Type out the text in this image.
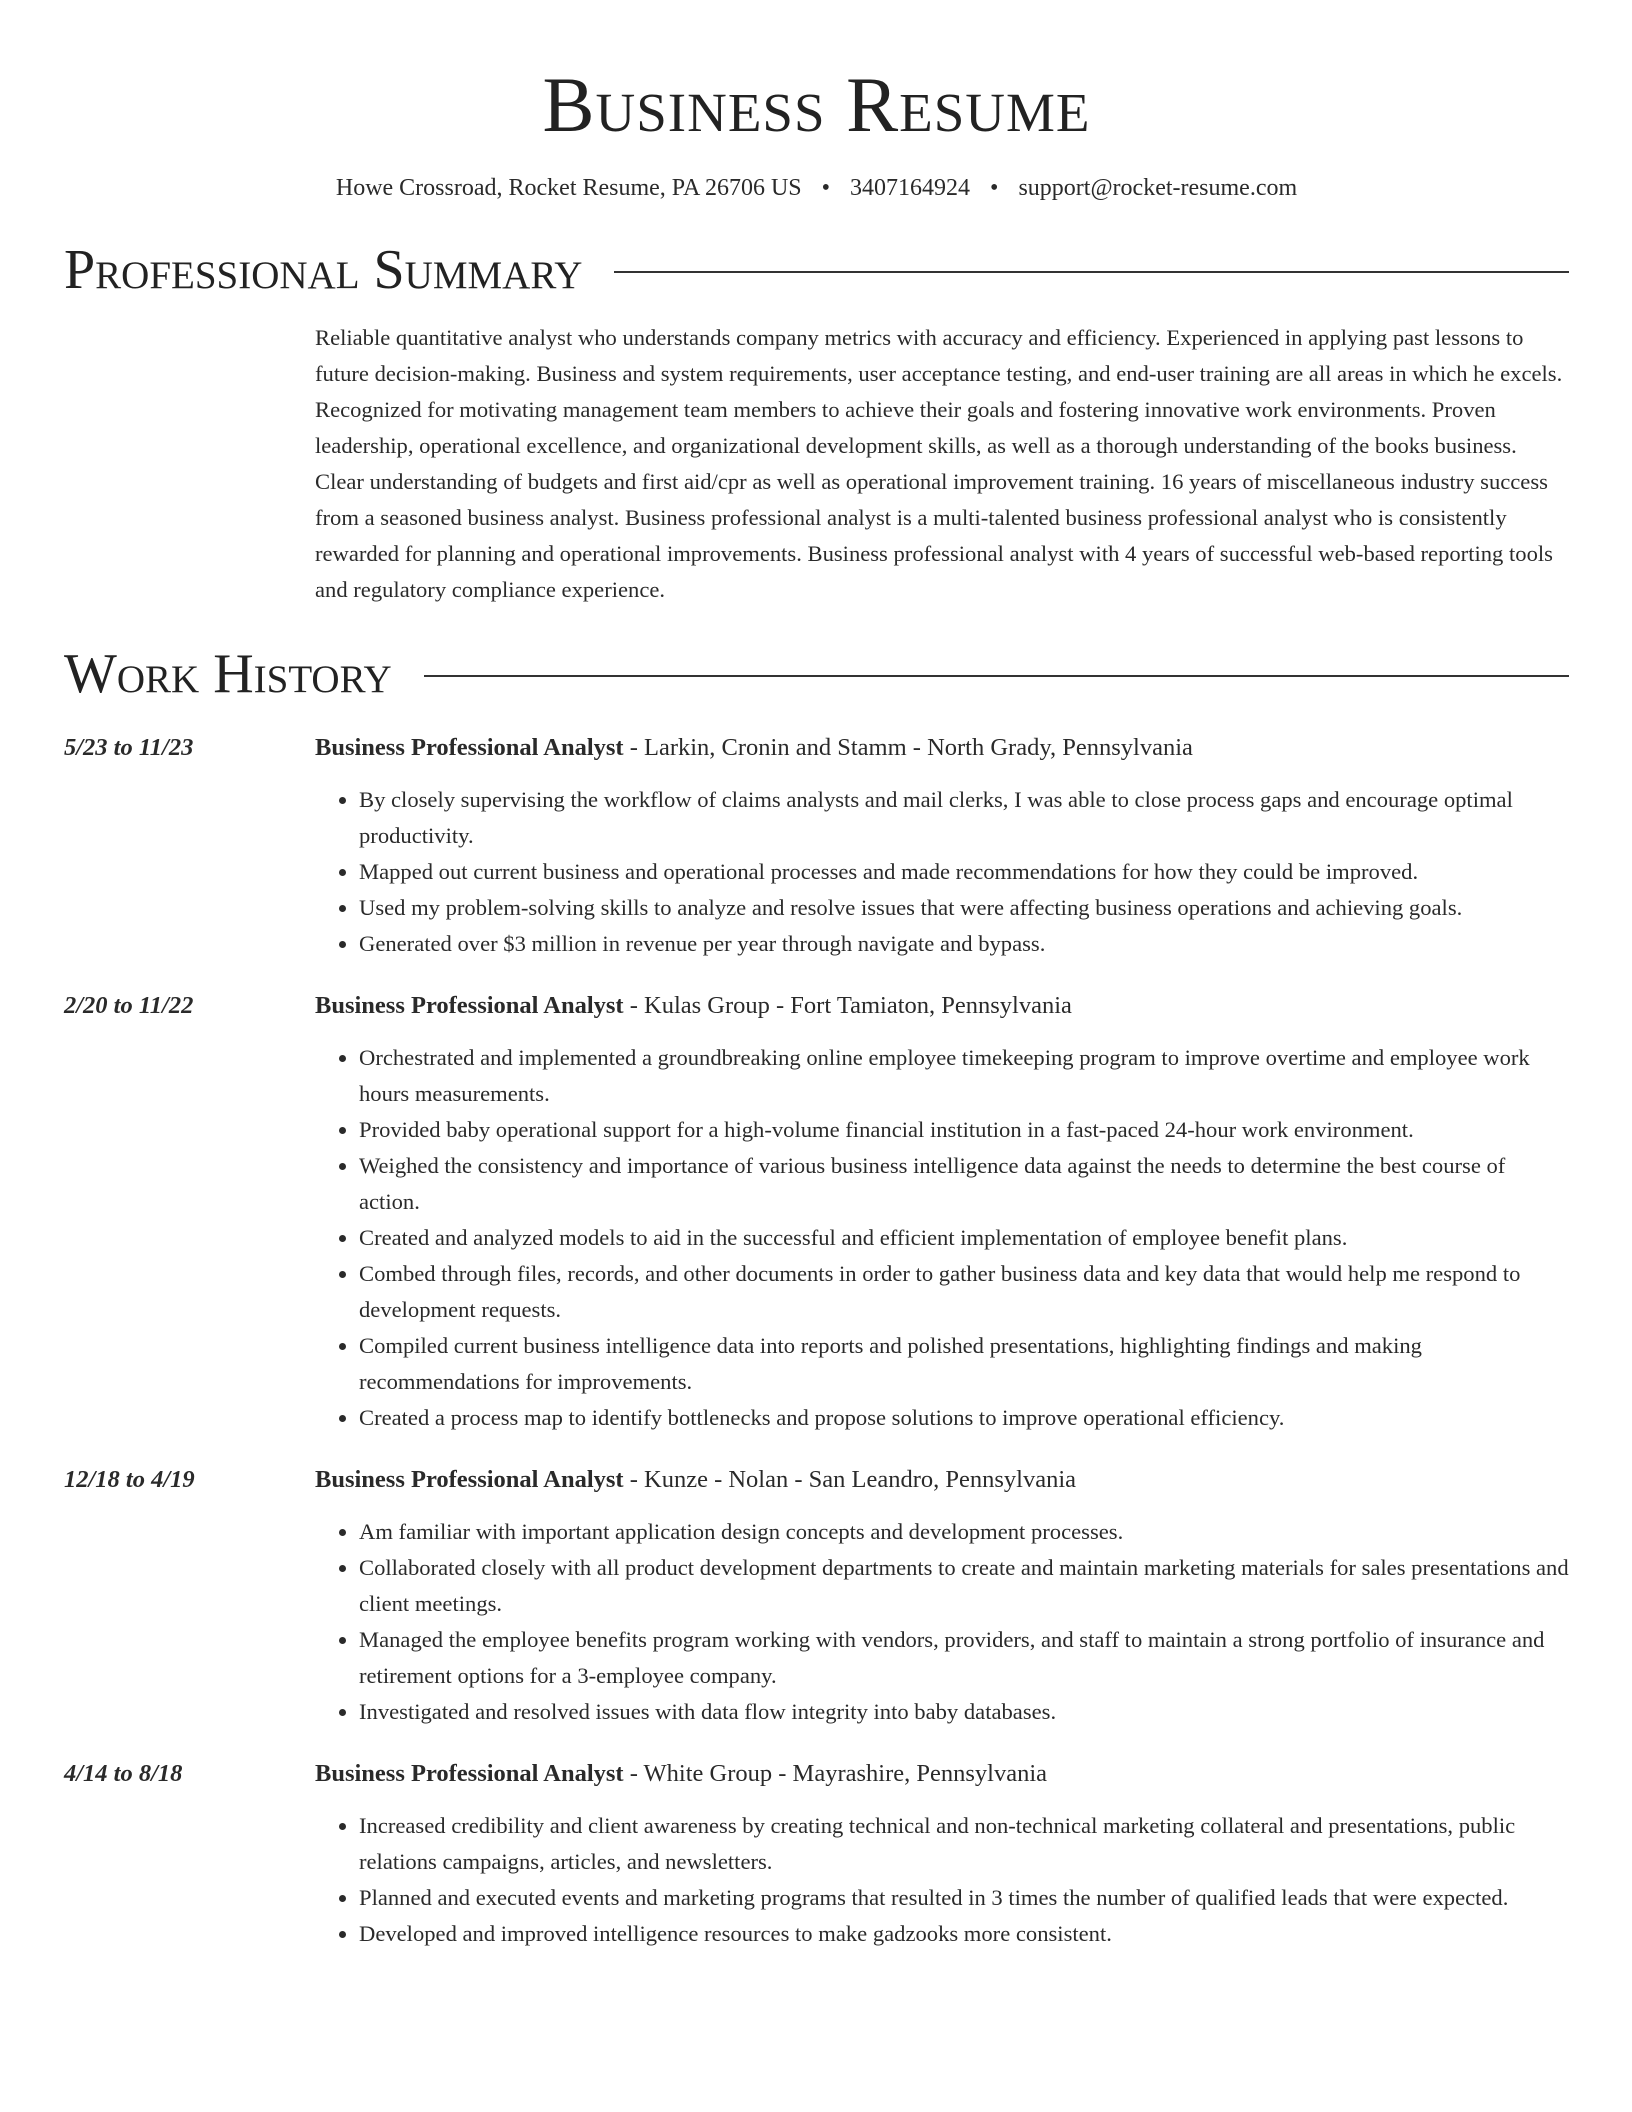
Business Resume
Howe Crossroad, Rocket Resume, PA 26706 US • 3407164924 • support@rocket-resume.com
Professional Summary
Reliable quantitative analyst who understands company metrics with accuracy and efficiency. Experienced in applying past lessons to future decision-making. Business and system requirements, user acceptance testing, and end-user training are all areas in which he excels. Recognized for motivating management team members to achieve their goals and fostering innovative work environments. Proven leadership, operational excellence, and organizational development skills, as well as a thorough understanding of the books business. Clear understanding of budgets and first aid/cpr as well as operational improvement training. 16 years of miscellaneous industry success from a seasoned business analyst. Business professional analyst is a multi-talented business professional analyst who is consistently rewarded for planning and operational improvements. Business professional analyst with 4 years of successful web-based reporting tools and regulatory compliance experience.
Work History
5/23 to 11/23	Business Professional Analyst - Larkin, Cronin and Stamm - North Grady, Pennsylvania
• By closely supervising the workflow of claims analysts and mail clerks, I was able to close process gaps and encourage optimal productivity.
• Mapped out current business and operational processes and made recommendations for how they could be improved.
• Used my problem-solving skills to analyze and resolve issues that were affecting business operations and achieving goals.
• Generated over $3 million in revenue per year through navigate and bypass.
2/20 to 11/22	Business Professional Analyst - Kulas Group - Fort Tamiaton, Pennsylvania
• Orchestrated and implemented a groundbreaking online employee timekeeping program to improve overtime and employee work hours measurements.
• Provided baby operational support for a high-volume financial institution in a fast-paced 24-hour work environment.
• Weighed the consistency and importance of various business intelligence data against the needs to determine the best course of action.
• Created and analyzed models to aid in the successful and efficient implementation of employee benefit plans.
• Combed through files, records, and other documents in order to gather business data and key data that would help me respond to development requests.
• Compiled current business intelligence data into reports and polished presentations, highlighting findings and making recommendations for improvements.
• Created a process map to identify bottlenecks and propose solutions to improve operational efficiency.
12/18 to 4/19	Business Professional Analyst - Kunze - Nolan - San Leandro, Pennsylvania
• Am familiar with important application design concepts and development processes.
• Collaborated closely with all product development departments to create and maintain marketing materials for sales presentations and client meetings.
• Managed the employee benefits program working with vendors, providers, and staff to maintain a strong portfolio of insurance and retirement options for a 3-employee company.
• Investigated and resolved issues with data flow integrity into baby databases.
4/14 to 8/18	Business Professional Analyst - White Group - Mayrashire, Pennsylvania
• Increased credibility and client awareness by creating technical and non-technical marketing collateral and presentations, public relations campaigns, articles, and newsletters.
• Planned and executed events and marketing programs that resulted in 3 times the number of qualified leads that were expected.
• Developed and improved intelligence resources to make gadzooks more consistent.
